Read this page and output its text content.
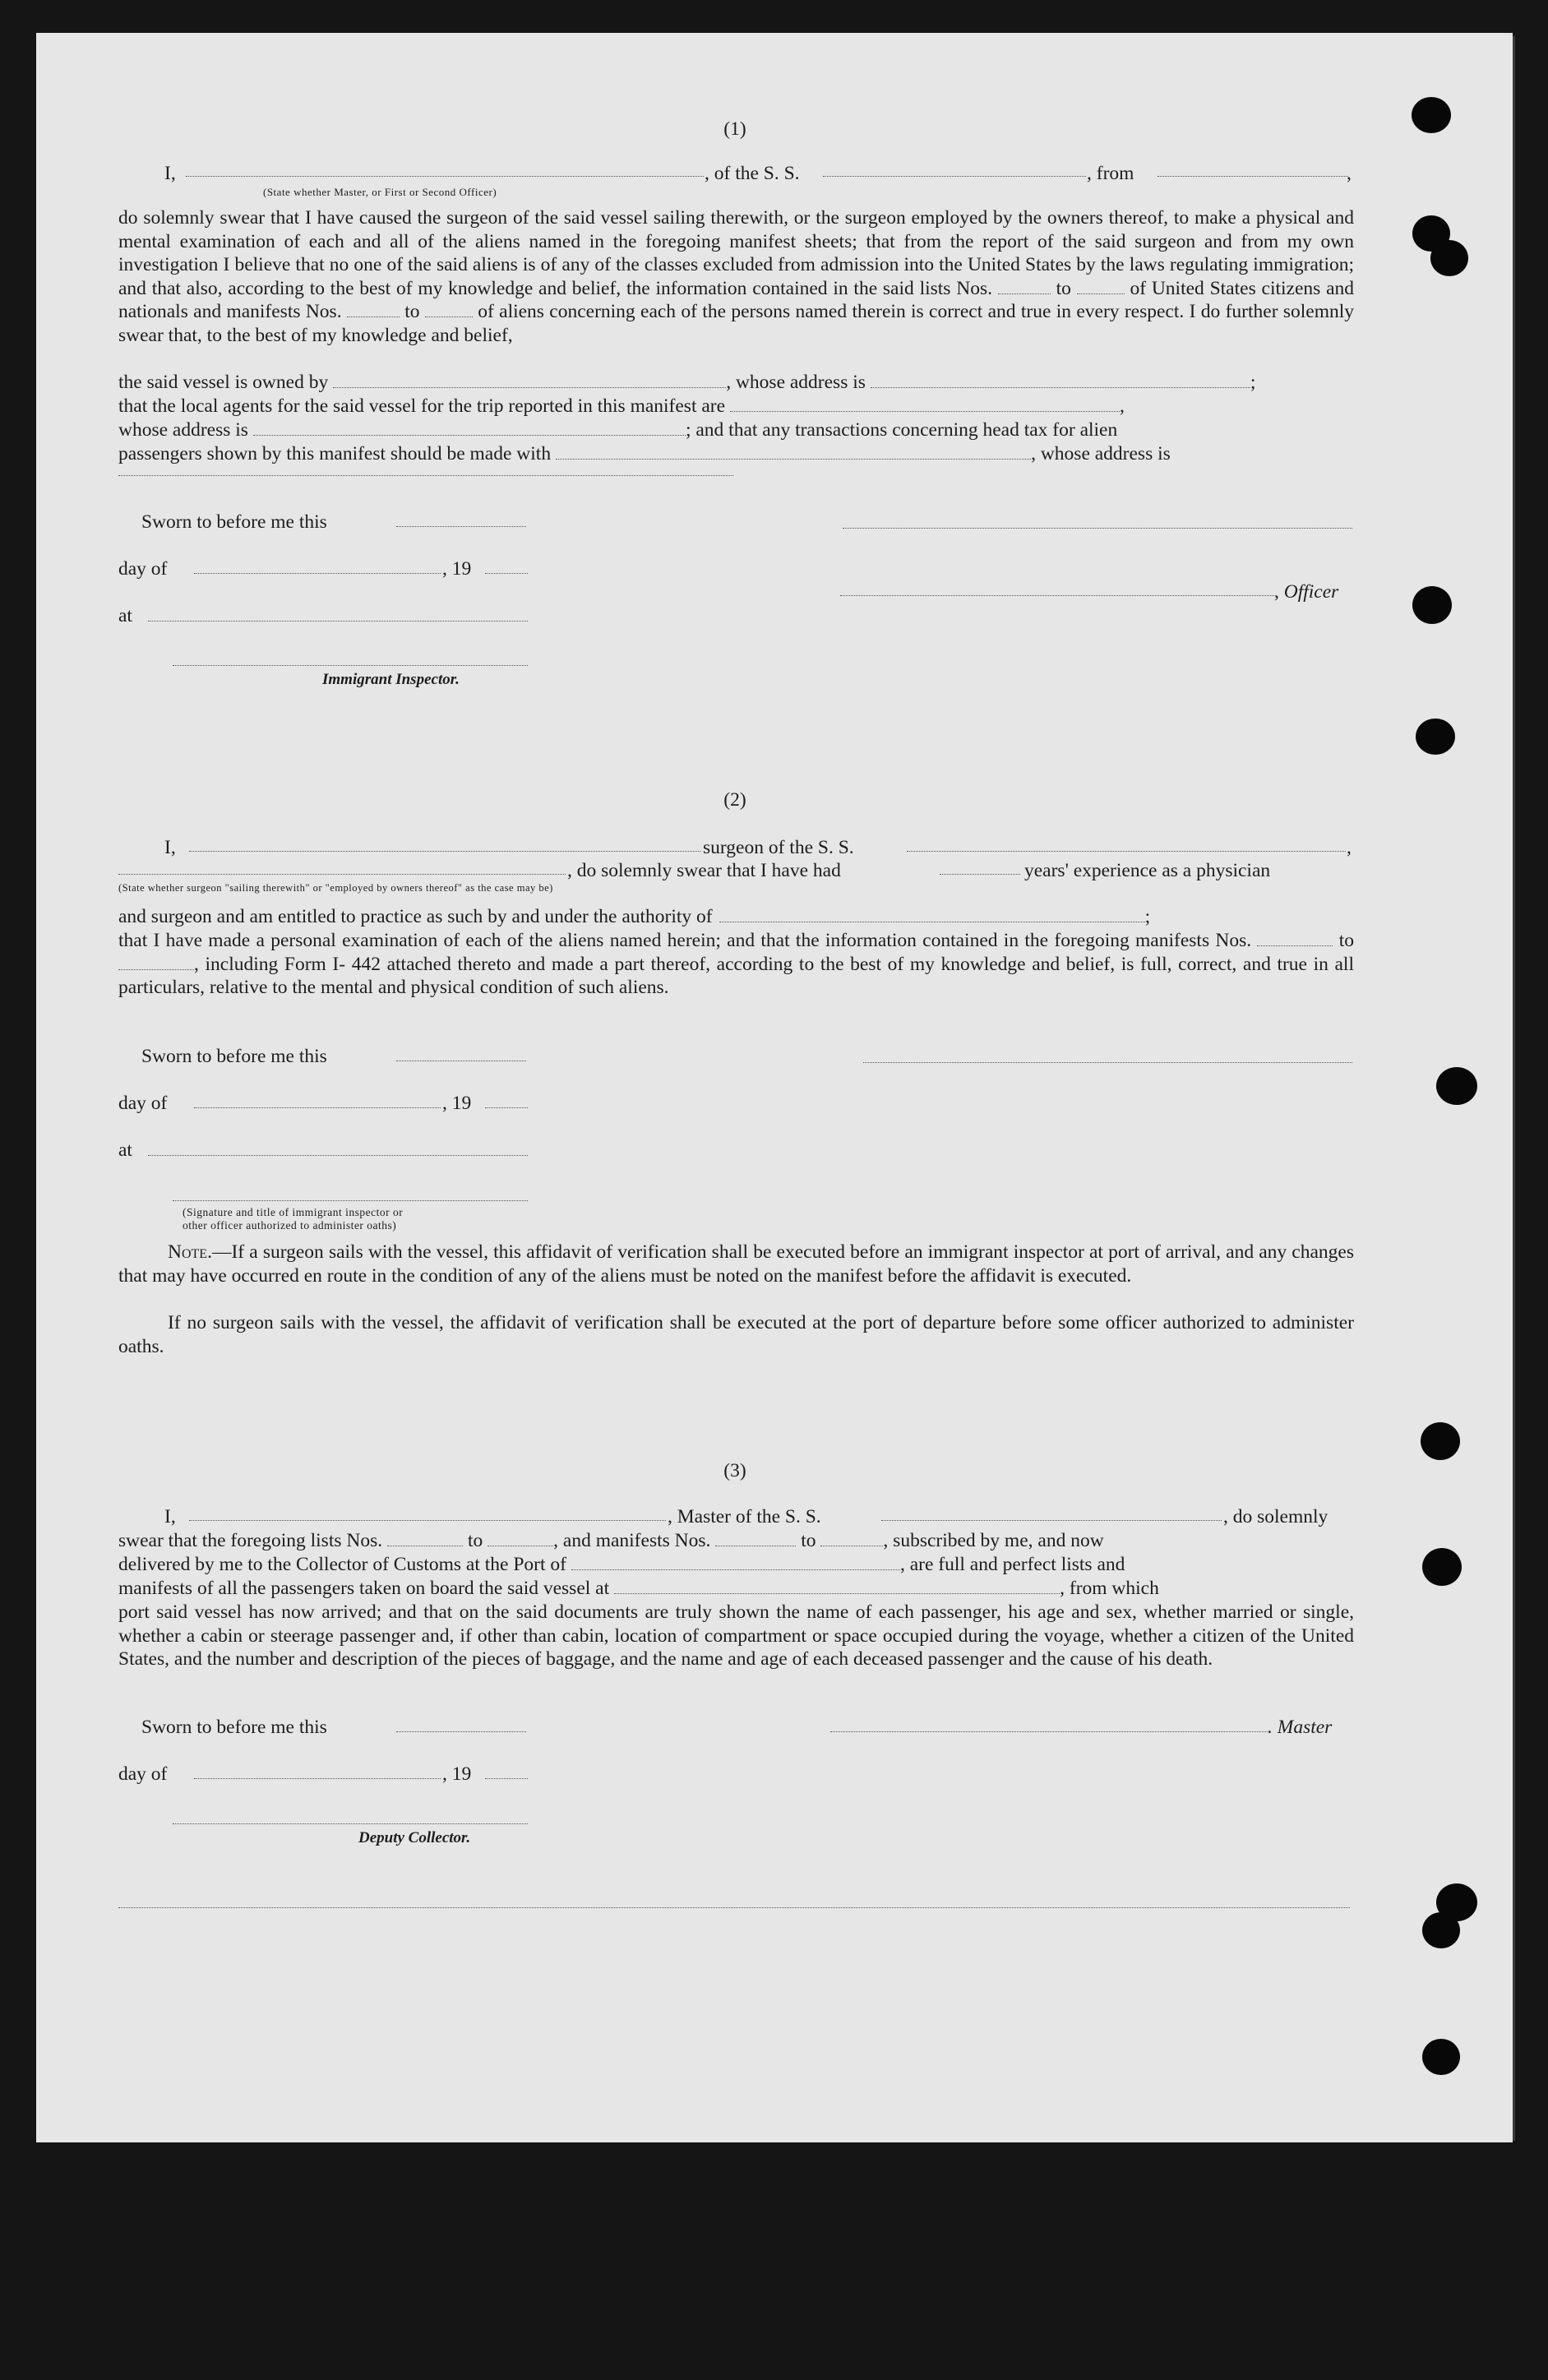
(1)
I,	, of the S. S.	, from	,
(State whether Master, or First or Second Officer)
do solemnly swear that I have caused the surgeon of the said vessel sailing therewith, or the surgeon employed by the owners thereof, to make a physical and mental examination of each and all of the aliens named in the foregoing manifest sheets; that from the report of the said surgeon and from my own investigation I believe that no one of the said aliens is of any of the classes excluded from admission into the United States by the laws regulating immigration; and that also, according to the best of my knowledge and belief, the information contained in the said lists Nos.	to	of United States citizens and nationals and manifests Nos.	to	of aliens concerning each of the persons named therein is correct and true in every respect. I do further solemnly swear that, to the best of my knowledge and belief,
the said vessel is owned by	, whose address is	;
that the local agents for the said vessel for the trip reported in this manifest are	,
whose address is	; and that any transactions concerning head tax for alien
passengers shown by this manifest should be made with	, whose address is
Sworn to before me this
day of	, 19
, Officer
at
Immigrant Inspector.
(2)
I,	surgeon of the S. S.	,
, do solemnly swear that I have had	years' experience as a physician
(State whether surgeon "sailing therewith" or "employed by owners thereof" as the case may be)
and surgeon and am entitled to practice as such by and under the authority of	;
that I have made a personal examination of each of the aliens named herein; and that the information contained in the foregoing manifests Nos.	to , including Form I- 442 attached thereto and made a part thereof, according to the best of my knowledge and belief, is full, correct, and true in all particulars, relative to the mental and physical condition of such aliens.
Sworn to before me this
day of	, 19
at
(Signature and title of immigrant inspector or
other officer authorized to administer oaths)
Note.—If a surgeon sails with the vessel, this affidavit of verification shall be executed before an immigrant inspector at port of arrival, and any changes that may have occurred en route in the condition of any of the aliens must be noted on the manifest before the affidavit is executed.
If no surgeon sails with the vessel, the affidavit of verification shall be executed at the port of departure before some officer authorized to administer oaths.
(3)
I,	, Master of the S. S.	, do solemnly
swear that the foregoing lists Nos.	to	, and manifests Nos.	to	, subscribed by me, and now
delivered by me to the Collector of Customs at the Port of	, are full and perfect lists and
manifests of all the passengers taken on board the said vessel at	, from which
port said vessel has now arrived; and that on the said documents are truly shown the name of each passenger, his age and sex, whether married or single, whether a cabin or steerage passenger and, if other than cabin, location of compartment or space occupied during the voyage, whether a citizen of the United States, and the number and description of the pieces of baggage, and the name and age of each deceased passenger and the cause of his death.
Sworn to before me this	. Master
day of	, 19
Deputy Collector.
